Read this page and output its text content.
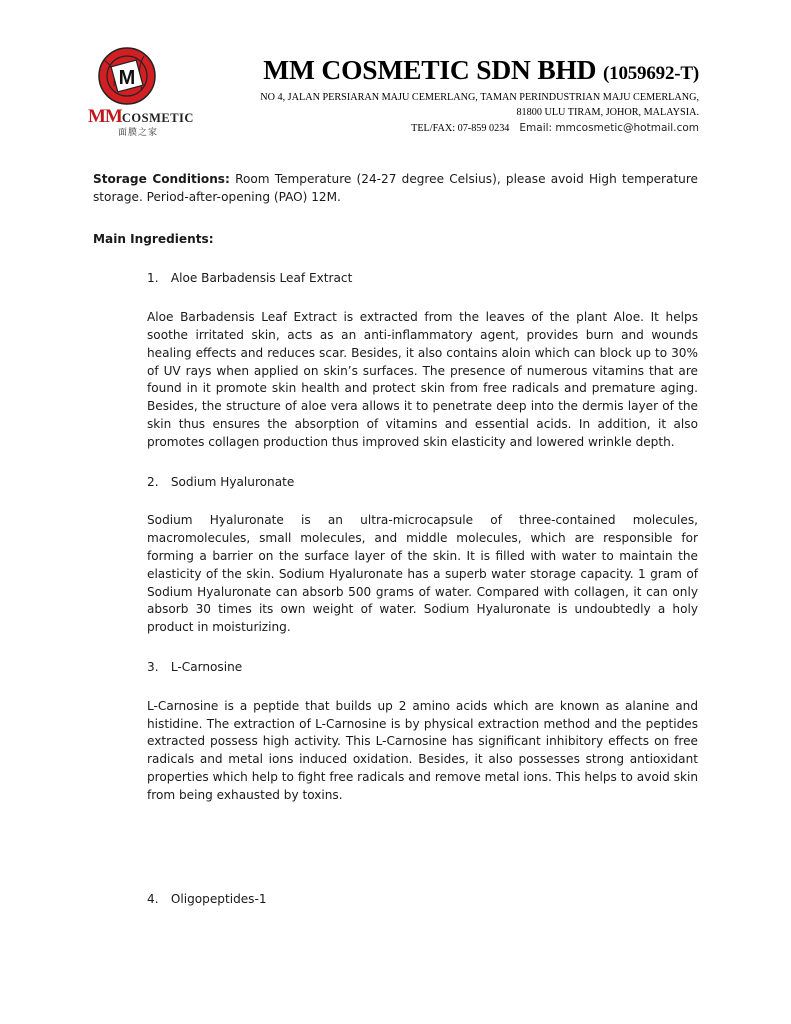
M
MMCOSMETIC
面膜之家
MM COSMETIC SDN BHD (1059692-T)
NO 4, JALAN PERSIARAN MAJU CEMERLANG, TAMAN PERINDUSTRIAN MAJU CEMERLANG,
81800 ULU TIRAM, JOHOR, MALAYSIA.
TEL/FAX: 07-859 0234 Email: mmcosmetic@hotmail.com

Storage Conditions: Room Temperature (24-27 degree Celsius), please avoid High temperature storage. Period-after-opening (PAO) 12M.

Main Ingredients:
1. Aloe Barbadensis Leaf Extract

Aloe Barbadensis Leaf Extract is extracted from the leaves of the plant Aloe. It helps soothe irritated skin, acts as an anti-inflammatory agent, provides burn and wounds healing effects and reduces scar. Besides, it also contains aloin which can block up to 30% of UV rays when applied on skin’s surfaces. The presence of numerous vitamins that are found in it promote skin health and protect skin from free radicals and premature aging. Besides, the structure of aloe vera allows it to penetrate deep into the dermis layer of the skin thus ensures the absorption of vitamins and essential acids. In addition, it also promotes collagen production thus improved skin elasticity and lowered wrinkle depth.

2. Sodium Hyaluronate

Sodium Hyaluronate is an ultra-microcapsule of three-contained molecules, macromolecules, small molecules, and middle molecules, which are responsible for forming a barrier on the surface layer of the skin. It is filled with water to maintain the elasticity of the skin. Sodium Hyaluronate has a superb water storage capacity. 1 gram of Sodium Hyaluronate can absorb 500 grams of water. Compared with collagen, it can only absorb 30 times its own weight of water. Sodium Hyaluronate is undoubtedly a holy product in moisturizing.

3. L-Carnosine

L-Carnosine is a peptide that builds up 2 amino acids which are known as alanine and histidine. The extraction of L-Carnosine is by physical extraction method and the peptides extracted possess high activity. This L-Carnosine has significant inhibitory effects on free radicals and metal ions induced oxidation. Besides, it also possesses strong antioxidant properties which help to fight free radicals and remove metal ions. This helps to avoid skin from being exhausted by toxins.

4. Oligopeptides-1
